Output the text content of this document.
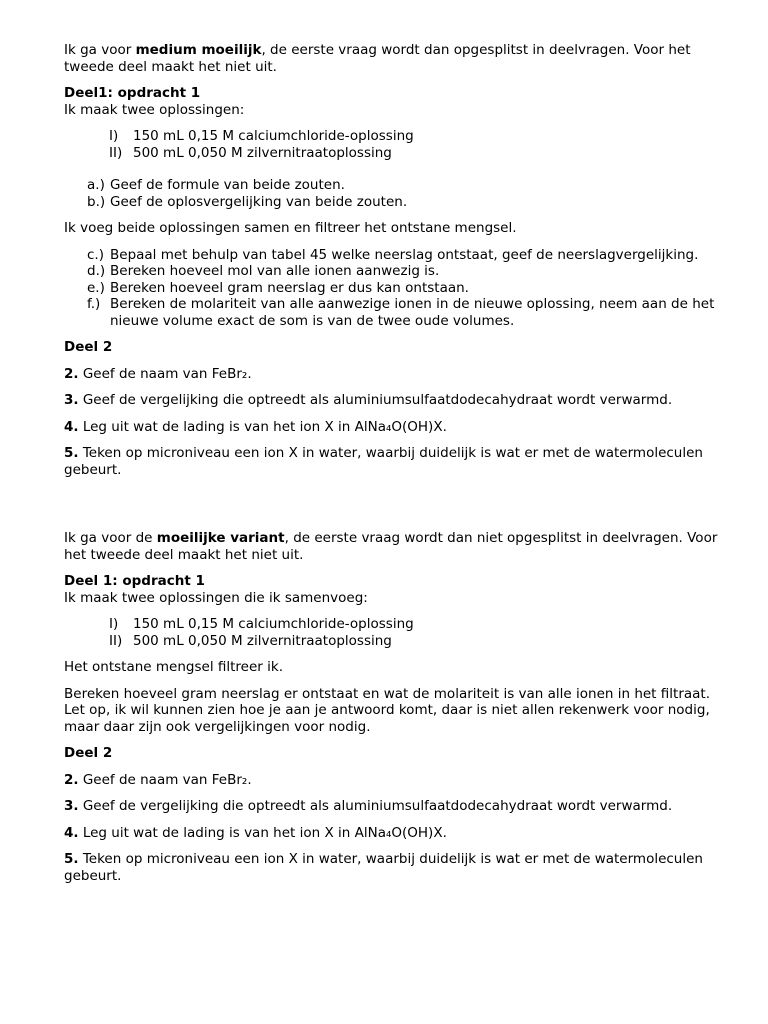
Ik ga voor medium moeilijk, de eerste vraag wordt dan opgesplitst in deelvragen. Voor het tweede deel maakt het niet uit.

Deel1: opdracht 1

Ik maak twee oplossingen:

I)	150 mL 0,15 M calciumchloride-oplossing
II) 500 mL 0,050 M zilvernitraatoplossing
a.) Geef de formule van beide zouten.
b.) Geef de oplosvergelijking van beide zouten.

Ik voeg beide oplossingen samen en filtreer het ontstane mengsel.

c.) Bepaal met behulp van tabel 45 welke neerslag ontstaat, geef de neerslagvergelijking.
d.) Bereken hoeveel mol van alle ionen aanwezig is.
e.) Bereken hoeveel gram neerslag er dus kan ontstaan.
f.) Bereken de molariteit van alle aanwezige ionen in de nieuwe oplossing, neem aan de het nieuwe volume exact de som is van de twee oude volumes.

Deel 2

2. Geef de naam van FeBr₂.

3. Geef de vergelijking die optreedt als aluminiumsulfaatdodecahydraat wordt verwarmd.

4. Leg uit wat de lading is van het ion X in AlNa₄O(OH)X.

5. Teken op microniveau een ion X in water, waarbij duidelijk is wat er met de watermoleculen gebeurt.

Ik ga voor de moeilijke variant, de eerste vraag wordt dan niet opgesplitst in deelvragen. Voor het tweede deel maakt het niet uit.

Deel 1: opdracht 1

Ik maak twee oplossingen die ik samenvoeg:

I)	150 mL 0,15 M calciumchloride-oplossing
II) 500 mL 0,050 M zilvernitraatoplossing

Het ontstane mengsel filtreer ik.

Bereken hoeveel gram neerslag er ontstaat en wat de molariteit is van alle ionen in het filtraat. Let op, ik wil kunnen zien hoe je aan je antwoord komt, daar is niet allen rekenwerk voor nodig, maar daar zijn ook vergelijkingen voor nodig.

Deel 2

2. Geef de naam van FeBr₂.

3. Geef de vergelijking die optreedt als aluminiumsulfaatdodecahydraat wordt verwarmd.

4. Leg uit wat de lading is van het ion X in AlNa₄O(OH)X.

5. Teken op microniveau een ion X in water, waarbij duidelijk is wat er met de watermoleculen gebeurt.
